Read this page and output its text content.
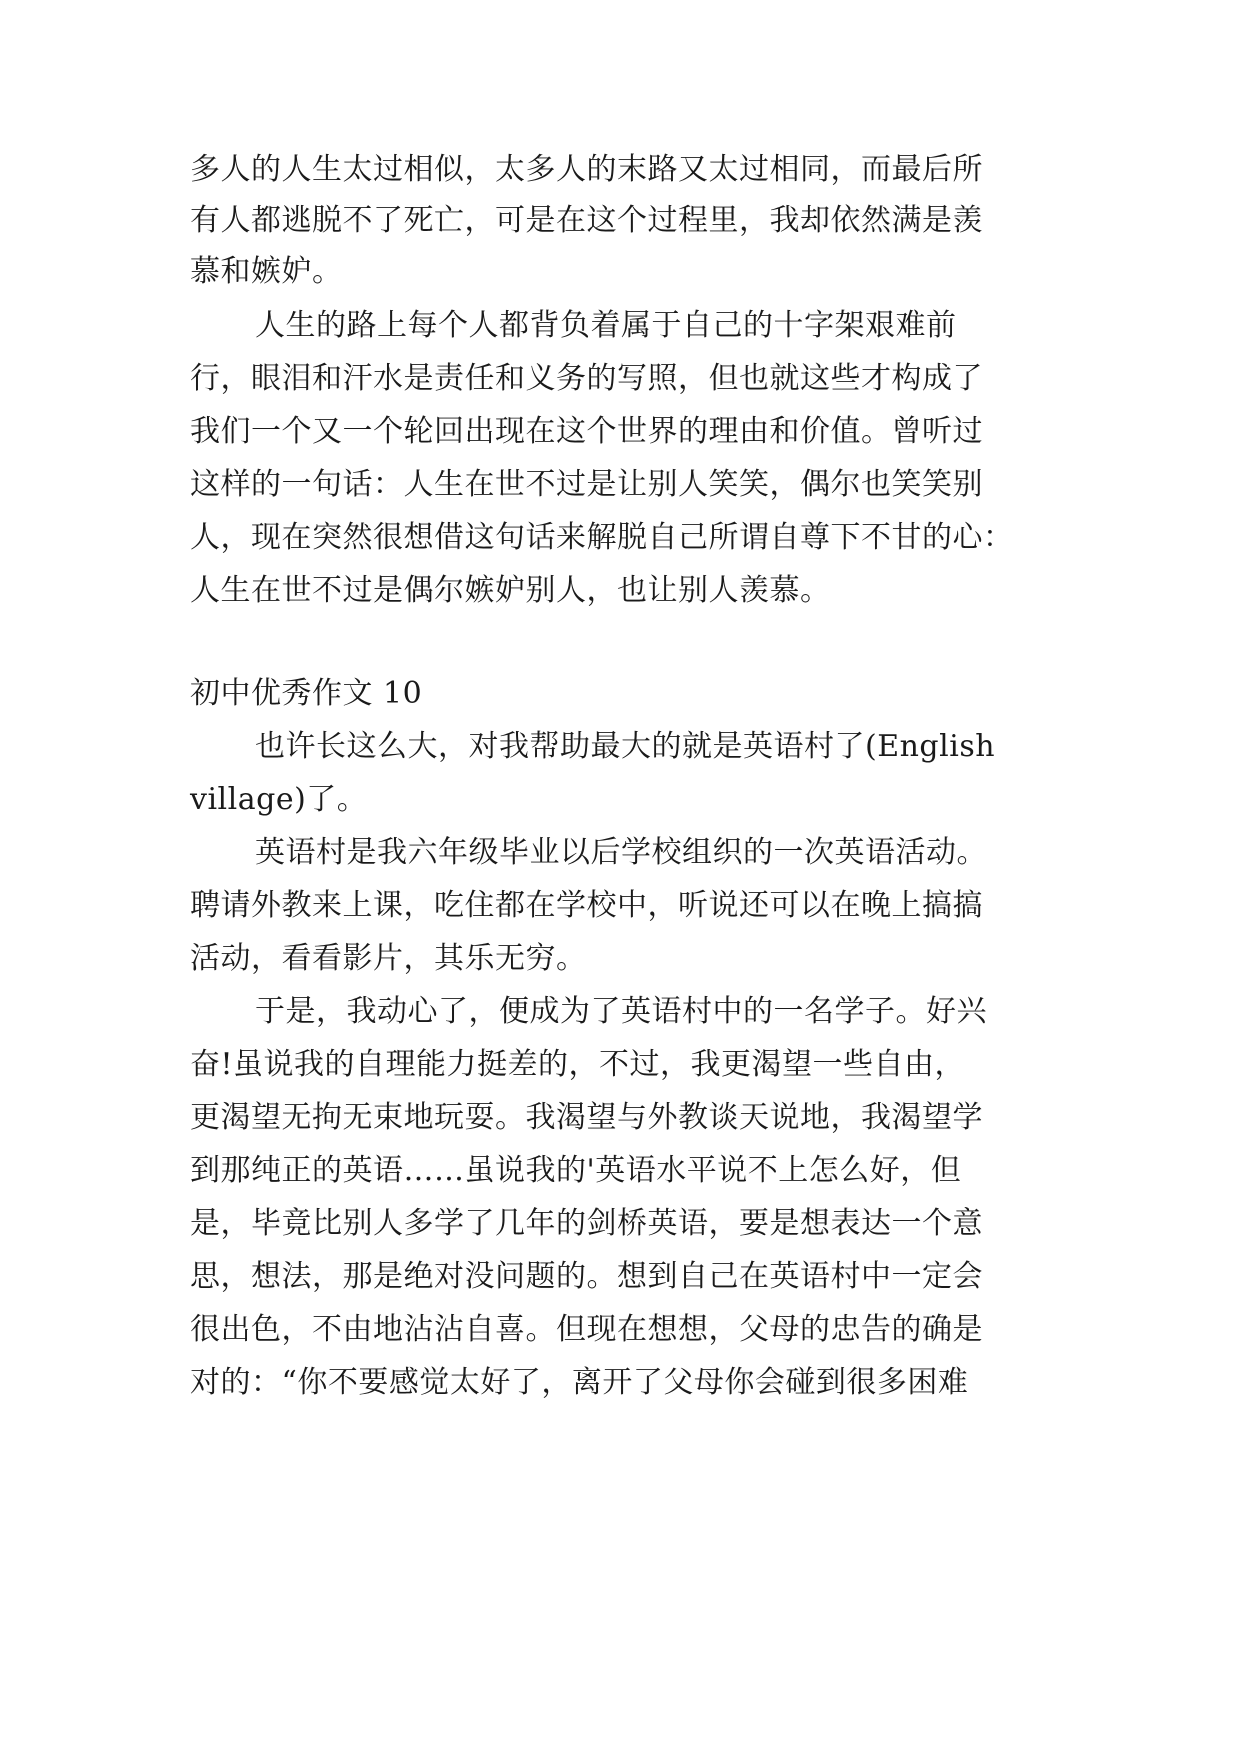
多人的人生太过相似，太多人的末路又太过相同，而最后所

有人都逃脱不了死亡，可是在这个过程里，我却依然满是羡

慕和嫉妒。

人生的路上每个人都背负着属于自己的十字架艰难前

行，眼泪和汗水是责任和义务的写照，但也就这些才构成了

我们一个又一个轮回出现在这个世界的理由和价值。曾听过

这样的一句话：人生在世不过是让别人笑笑，偶尔也笑笑别

人，现在突然很想借这句话来解脱自己所谓自尊下不甘的心：

人生在世不过是偶尔嫉妒别人，也让别人羡慕。

初中优秀作文 10

也许长这么大，对我帮助最大的就是英语村了(English

village)了。

英语村是我六年级毕业以后学校组织的一次英语活动。

聘请外教来上课，吃住都在学校中，听说还可以在晚上搞搞

活动，看看影片，其乐无穷。

于是，我动心了，便成为了英语村中的一名学子。好兴

奋!虽说我的自理能力挺差的，不过，我更渴望一些自由，

更渴望无拘无束地玩耍。我渴望与外教谈天说地，我渴望学

到那纯正的英语……虽说我的'英语水平说不上怎么好，但

是，毕竟比别人多学了几年的剑桥英语，要是想表达一个意

思，想法，那是绝对没问题的。想到自己在英语村中一定会

很出色，不由地沾沾自喜。但现在想想，父母的忠告的确是

对的：“你不要感觉太好了，离开了父母你会碰到很多困难
